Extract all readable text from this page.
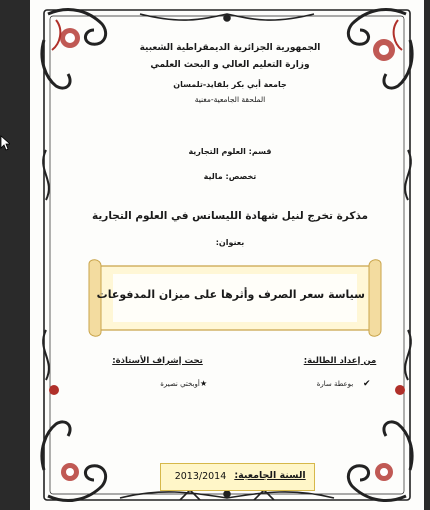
الجمهورية الجزائرية الديمقراطية الشعبية
وزارة التعليم العالي و البحث العلمي
جامعة أبي بكر بلقايد-تلمسان
الملحقة الجامعية-مغنية
قسم: العلوم التجارية
تخصص: مالية
مذكرة تخرج لنيل شهادة الليسانس في العلوم التجارية
بعنوان:
سياسة سعر الصرف وأثرها على ميزان المدفوعات
من إعداد الطالبة:
تحت إشراف الأستاذة:
✔
بوعطة سارة
★
أوبختي نصيرة
السنة الجامعية:
2013/2014
